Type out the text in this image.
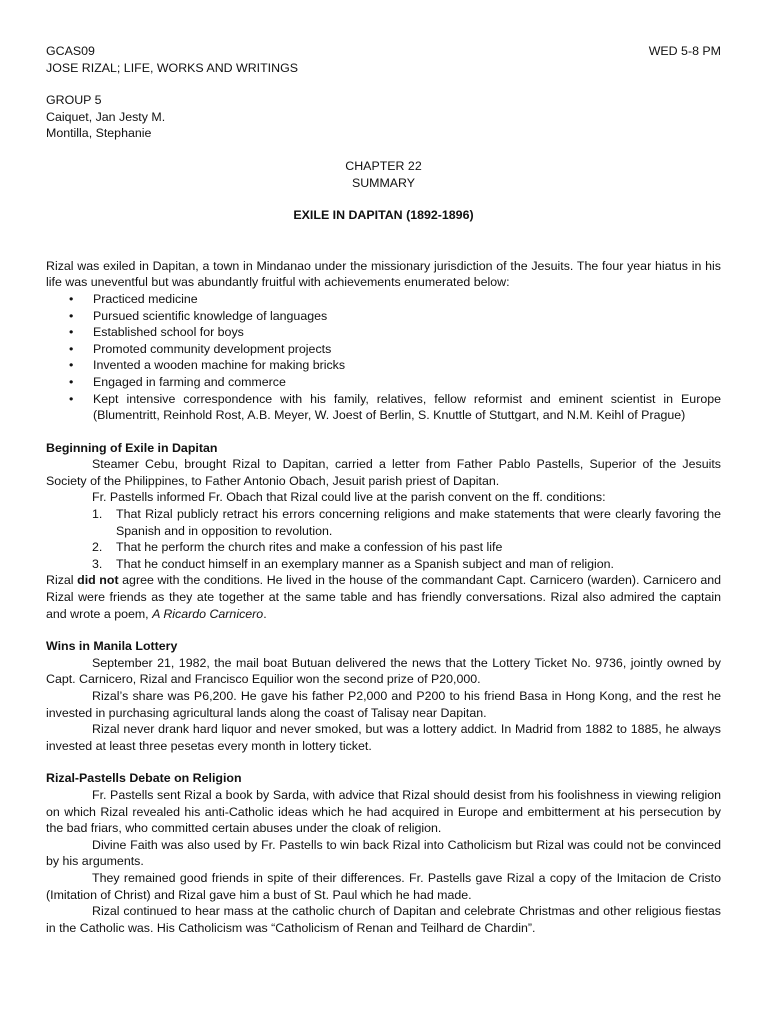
GCAS09	WED 5-8 PM
JOSE RIZAL; LIFE, WORKS AND WRITINGS
GROUP 5
Caiquet, Jan Jesty M.
Montilla, Stephanie
CHAPTER 22
SUMMARY
EXILE IN DAPITAN (1892-1896)

Rizal was exiled in Dapitan, a town in Mindanao under the missionary jurisdiction of the Jesuits. The four year hiatus in his life was uneventful but was abundantly fruitful with achievements enumerated below:

• Practiced medicine
• Pursued scientific knowledge of languages
• Established school for boys
• Promoted community development projects
• Invented a wooden machine for making bricks
• Engaged in farming and commerce
• Kept intensive correspondence with his family, relatives, fellow reformist and eminent scientist in Europe (Blumentritt, Reinhold Rost, A.B. Meyer, W. Joest of Berlin, S. Knuttle of Stuttgart, and N.M. Keihl of Prague)
Beginning of Exile in Dapitan

Steamer Cebu, brought Rizal to Dapitan, carried a letter from Father Pablo Pastells, Superior of the Jesuits Society of the Philippines, to Father Antonio Obach, Jesuit parish priest of Dapitan.

Fr. Pastells informed Fr. Obach that Rizal could live at the parish convent on the ff. conditions:

1. That Rizal publicly retract his errors concerning religions and make statements that were clearly favoring the Spanish and in opposition to revolution.
2. That he perform the church rites and make a confession of his past life
3. That he conduct himself in an exemplary manner as a Spanish subject and man of religion.

Rizal did not agree with the conditions. He lived in the house of the commandant Capt. Carnicero (warden). Carnicero and Rizal were friends as they ate together at the same table and has friendly conversations. Rizal also admired the captain and wrote a poem, A Ricardo Carnicero.

Wins in Manila Lottery

September 21, 1982, the mail boat Butuan delivered the news that the Lottery Ticket No. 9736, jointly owned by Capt. Carnicero, Rizal and Francisco Equilior won the second prize of P20,000.

Rizal’s share was P6,200. He gave his father P2,000 and P200 to his friend Basa in Hong Kong, and the rest he invested in purchasing agricultural lands along the coast of Talisay near Dapitan.

Rizal never drank hard liquor and never smoked, but was a lottery addict. In Madrid from 1882 to 1885, he always invested at least three pesetas every month in lottery ticket.

Rizal-Pastells Debate on Religion

Fr. Pastells sent Rizal a book by Sarda, with advice that Rizal should desist from his foolishness in viewing religion on which Rizal revealed his anti-Catholic ideas which he had acquired in Europe and embitterment at his persecution by the bad friars, who committed certain abuses under the cloak of religion.

Divine Faith was also used by Fr. Pastells to win back Rizal into Catholicism but Rizal was could not be convinced by his arguments.

They remained good friends in spite of their differences. Fr. Pastells gave Rizal a copy of the Imitacion de Cristo (Imitation of Christ) and Rizal gave him a bust of St. Paul which he had made.

Rizal continued to hear mass at the catholic church of Dapitan and celebrate Christmas and other religious fiestas in the Catholic was. His Catholicism was “Catholicism of Renan and Teilhard de Chardin”.
